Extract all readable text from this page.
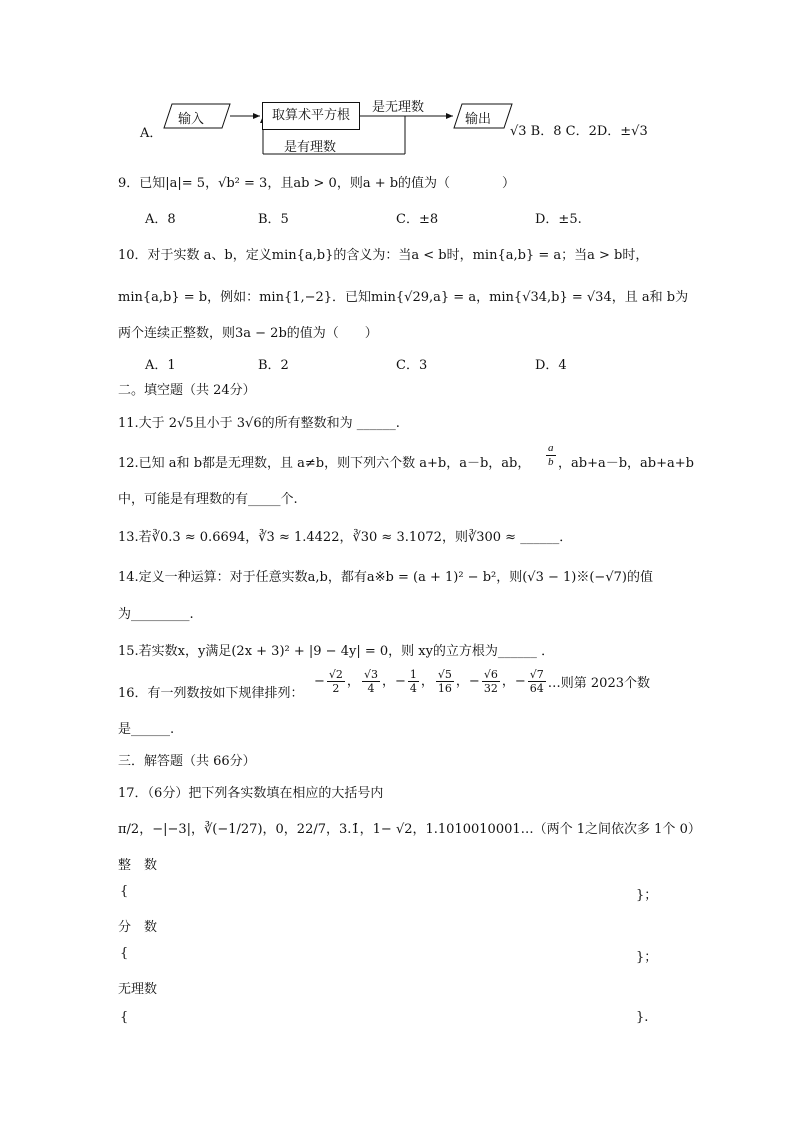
A．
输入	取算术平方根
是无理数
输出
是有理数
√3 B．8 C．2D．±√3
9．已知|a|= 5，√b² = 3，且ab > 0，则a + b的值为（　　　　）
A．8	B．5	C．±8	D．±5.
10．对于实数 a、b，定义min{a,b}的含义为：当a < b时，min{a,b} = a；当a > b时，
min{a,b} = b，例如：min{1,−2}．已知min{√29,a} = a，min{√34,b} = √34，且 a和 b为
两个连续正整数，则3a − 2b的值为（　　）
A．1	B．2	C．3	D．4
二。填空题（共 24分）
11.大于 2√5且小于 3√6的所有整数和为 ______.
12.已知 a和 b都是无理数，且 a≠b，则下列六个数 a+b，a－b，ab， $\frac{a}{b}$ ，ab+a－b，ab+a+b
中，可能是有理数的有_____个.
13.若∛0.3 ≈ 0.6694，∛3 ≈ 1.4422，∛30 ≈ 3.1072，则∛300 ≈ ______．
14.定义一种运算：对于任意实数a,b，都有a※b = (a + 1)² − b²，则(√3 − 1)※(−√7)的值
为_________.
15.若实数x，y满足(2x + 3)² + |9 − 4y| = 0，则 xy的立方根为______ ．
16．有一列数按如下规律排列：
− $\frac{√2}{2}$ ， $\frac{√3}{4}$ ， − $\frac{1}{4}$ ， $\frac{√5}{16}$ ， − $\frac{√6}{32}$ ， − $\frac{√7}{64}$ …则第 2023个数
是______.
三．解答题（共 66分）
17．（6分）把下列各实数填在相应的大括号内
π/2，−|−3|，∛(−1/27)，0，22/7，3.1̇，1− √2，1.1010010001…（两个 1之间依次多 1个 0）
整　数
{	}；
分　数
{	}；
无理数
{	}.
